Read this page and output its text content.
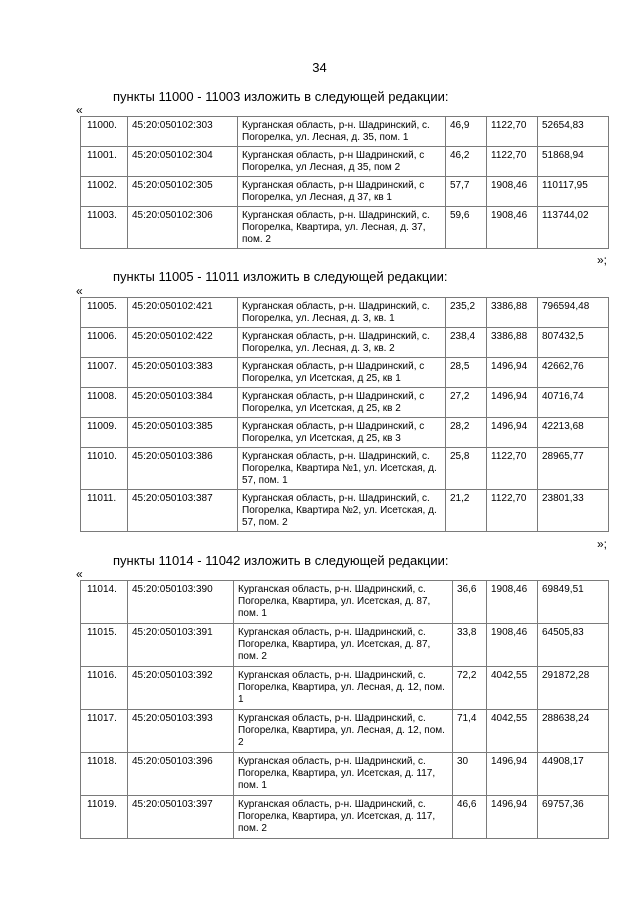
34
пункты 11000 - 11003 изложить в следующей редакции:
«
11000.	45:20:050102:303	Курганская область, р-н. Шадринский, с. Погорелка, ул. Лесная, д. 35, пом. 1	46,9	1122,70	52654,83
11001.	45:20:050102:304	Курганская область, р-н Шадринский, с Погорелка, ул Лесная, д 35, пом 2	46,2	1122,70	51868,94
11002.	45:20:050102:305	Курганская область, р-н Шадринский, с Погорелка, ул Лесная, д 37, кв 1	57,7	1908,46	110117,95
11003.	45:20:050102:306	Курганская область, р-н. Шадринский, с. Погорелка, Квартира, ул. Лесная, д. 37, пом. 2	59,6	1908,46	113744,02
»;
пункты 11005 - 11011 изложить в следующей редакции:
«
11005.	45:20:050102:421	Курганская область, р-н. Шадринский, с. Погорелка, ул. Лесная, д. 3, кв. 1	235,2	3386,88	796594,48
11006.	45:20:050102:422	Курганская область, р-н. Шадринский, с. Погорелка, ул. Лесная, д. 3, кв. 2	238,4	3386,88	807432,5
11007.	45:20:050103:383	Курганская область, р-н Шадринский, с Погорелка, ул Исетская, д 25, кв 1	28,5	1496,94	42662,76
11008.	45:20:050103:384	Курганская область, р-н Шадринский, с Погорелка, ул Исетская, д 25, кв 2	27,2	1496,94	40716,74
11009.	45:20:050103:385	Курганская область, р-н Шадринский, с Погорелка, ул Исетская, д 25, кв 3	28,2	1496,94	42213,68
11010.	45:20:050103:386	Курганская область, р-н. Шадринский, с. Погорелка, Квартира №1, ул. Исетская, д. 57, пом. 1	25,8	1122,70	28965,77
11011.	45:20:050103:387	Курганская область, р-н. Шадринский, с. Погорелка, Квартира №2, ул. Исетская, д. 57, пом. 2	21,2	1122,70	23801,33
»;
пункты 11014 - 11042 изложить в следующей редакции:
«
11014.	45:20:050103:390	Курганская область, р-н. Шадринский, с. Погорелка, Квартира, ул. Исетская, д. 87, пом. 1	36,6	1908,46	69849,51
11015.	45:20:050103:391	Курганская область, р-н. Шадринский, с. Погорелка, Квартира, ул. Исетская, д. 87, пом. 2	33,8	1908,46	64505,83
11016.	45:20:050103:392	Курганская область, р-н. Шадринский, с. Погорелка, Квартира, ул. Лесная, д. 12, пом. 1	72,2	4042,55	291872,28
11017.	45:20:050103:393	Курганская область, р-н. Шадринский, с. Погорелка, Квартира, ул. Лесная, д. 12, пом. 2	71,4	4042,55	288638,24
11018.	45:20:050103:396	Курганская область, р-н. Шадринский, с. Погорелка, Квартира, ул. Исетская, д. 117, пом. 1	30	1496,94	44908,17
11019.	45:20:050103:397	Курганская область, р-н. Шадринский, с. Погорелка, Квартира, ул. Исетская, д. 117, пом. 2	46,6	1496,94	69757,36
